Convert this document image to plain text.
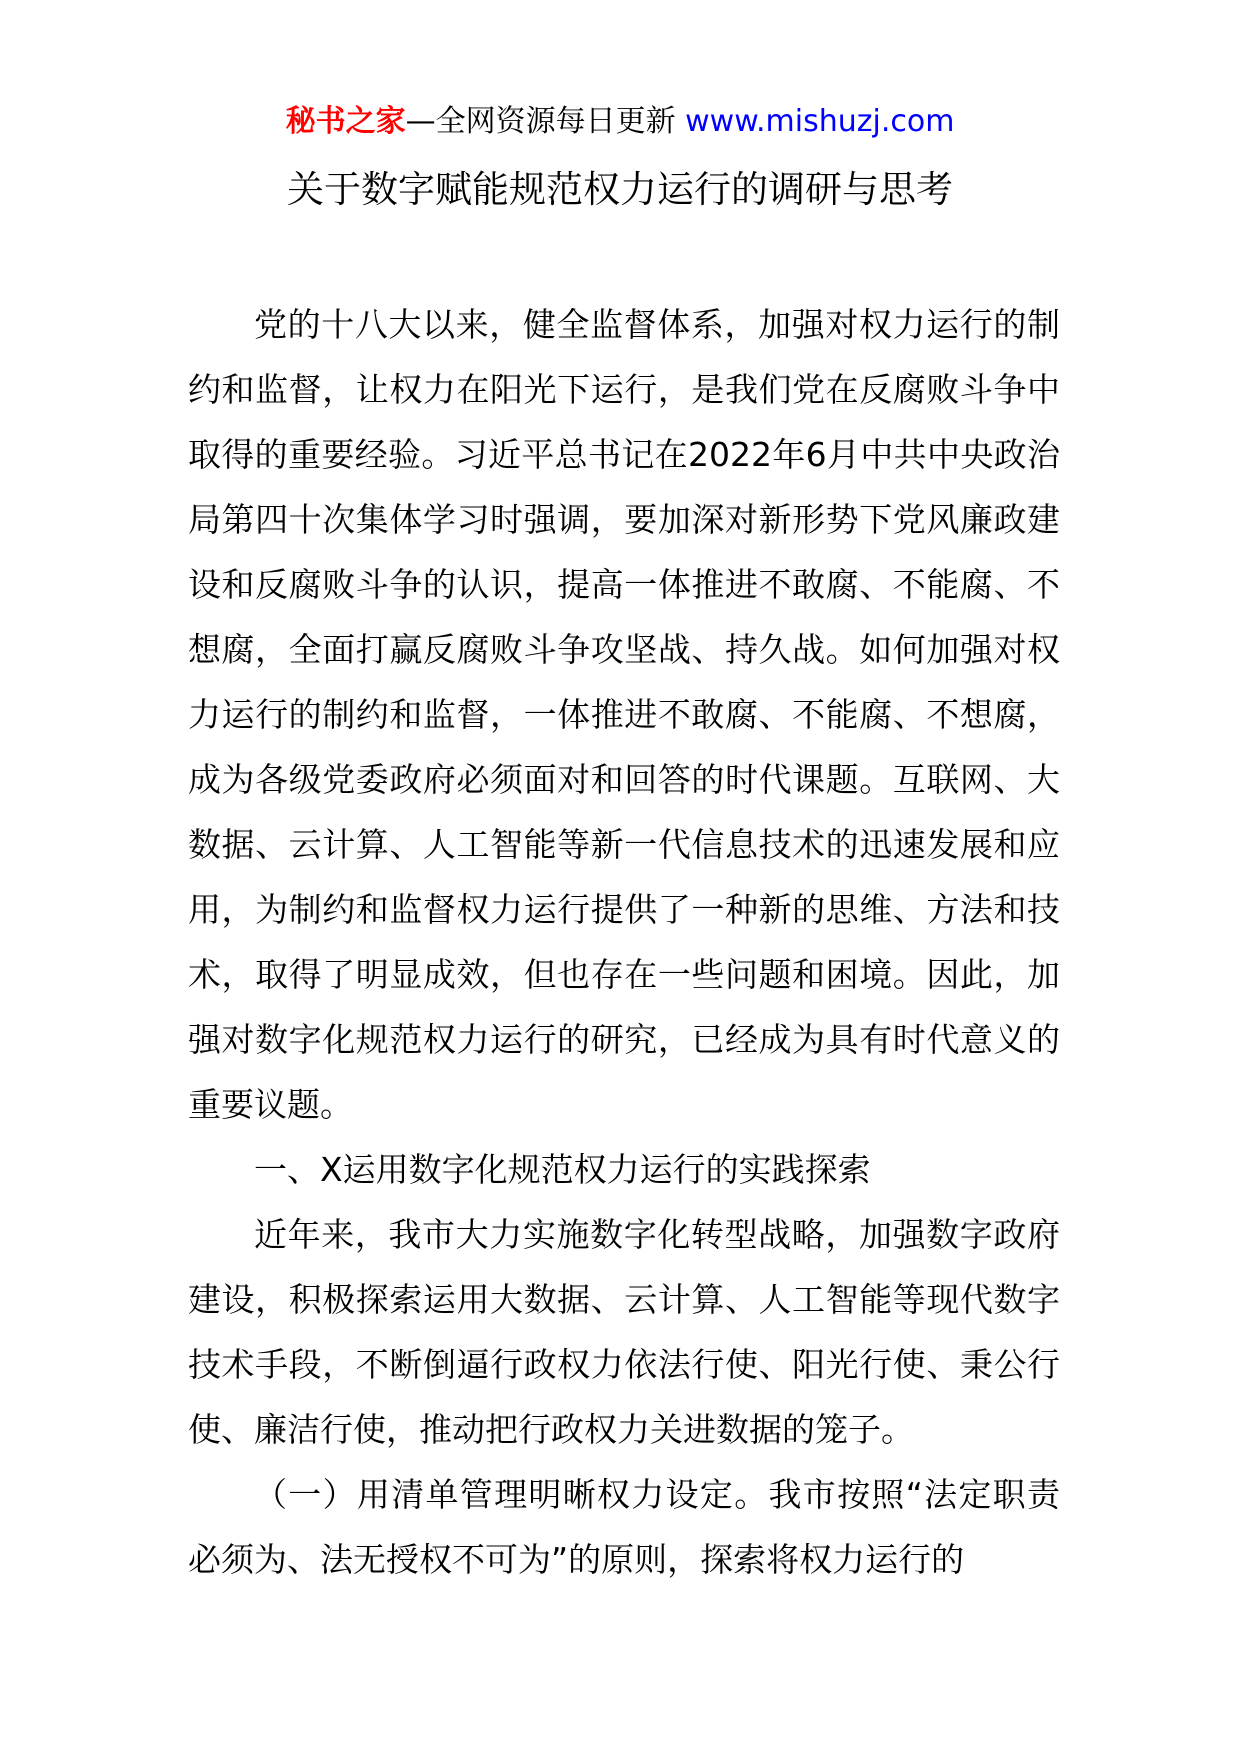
秘书之家—全网资源每日更新 www.mishuzj.com
关于数字赋能规范权力运行的调研与思考

党的十八大以来，健全监督体系，加强对权力运行的制约和监督，让权力在阳光下运行，是我们党在反腐败斗争中取得的重要经验。习近平总书记在2022年6月中共中央政治局第四十次集体学习时强调，要加深对新形势下党风廉政建设和反腐败斗争的认识，提高一体推进不敢腐、不能腐、不想腐，全面打赢反腐败斗争攻坚战、持久战。如何加强对权力运行的制约和监督，一体推进不敢腐、不能腐、不想腐，成为各级党委政府必须面对和回答的时代课题。互联网、大数据、云计算、人工智能等新一代信息技术的迅速发展和应用，为制约和监督权力运行提供了一种新的思维、方法和技术，取得了明显成效，但也存在一些问题和困境。因此，加强对数字化规范权力运行的研究，已经成为具有时代意义的重要议题。

一、X运用数字化规范权力运行的实践探索

近年来，我市大力实施数字化转型战略，加强数字政府建设，积极探索运用大数据、云计算、人工智能等现代数字技术手段，不断倒逼行政权力依法行使、阳光行使、秉公行使、廉洁行使，推动把行政权力关进数据的笼子。

（一）用清单管理明晰权力设定。我市按照“法定职责必须为、法无授权不可为”的原则，探索将权力运行的
